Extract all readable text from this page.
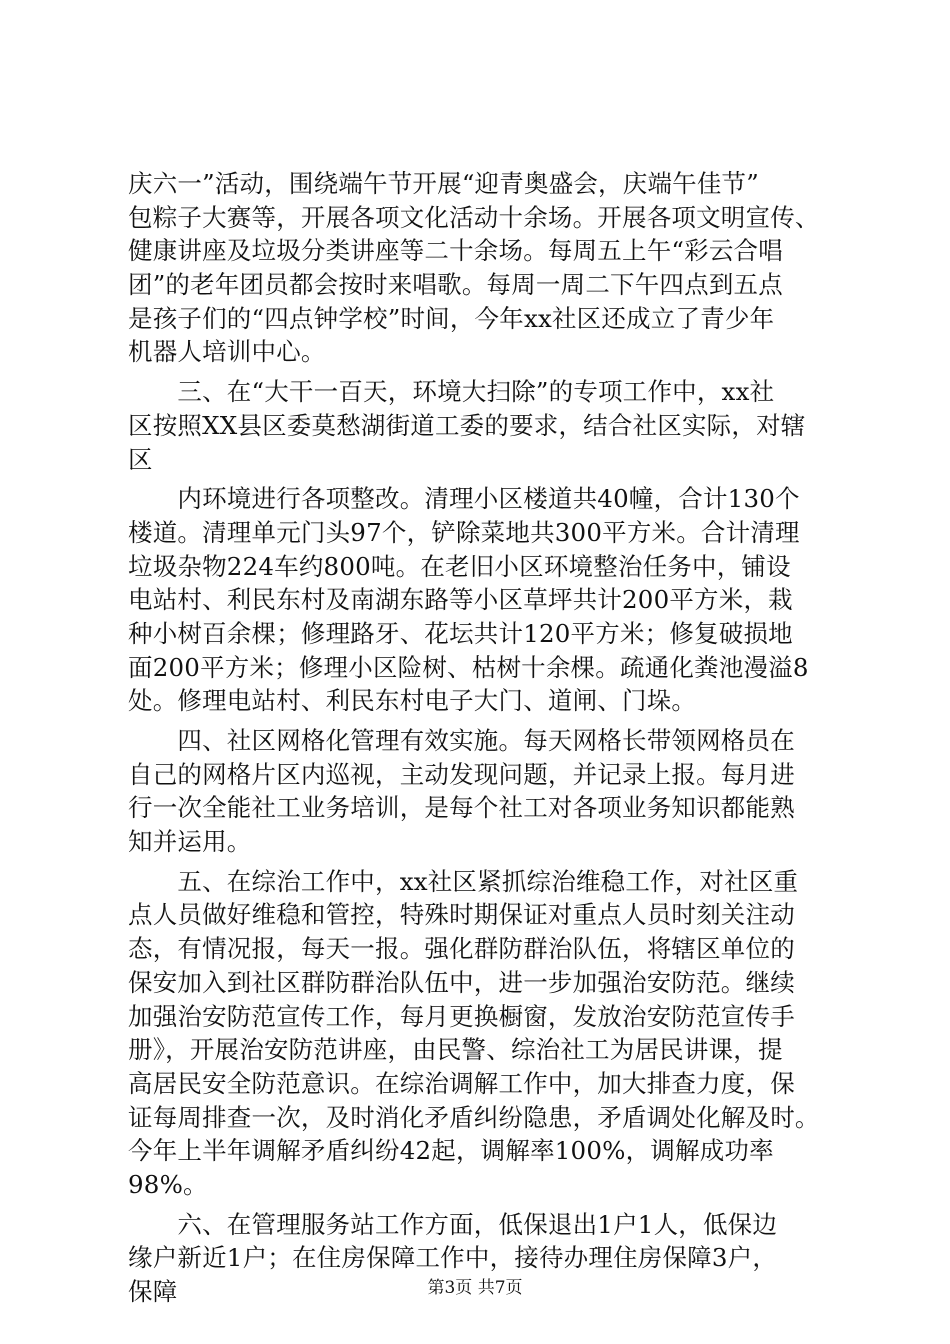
庆六一”活动，围绕端午节开展“迎青奥盛会，庆端午佳节”
包粽子大赛等，开展各项文化活动十余场。开展各项文明宣传、
健康讲座及垃圾分类讲座等二十余场。每周五上午“彩云合唱
团”的老年团员都会按时来唱歌。每周一周二下午四点到五点
是孩子们的“四点钟学校”时间，今年xx社区还成立了青少年
机器人培训中心。
　　三、在“大干一百天，环境大扫除”的专项工作中，xx社
区按照XX县区委莫愁湖街道工委的要求，结合社区实际，对辖
区
　　内环境进行各项整改。清理小区楼道共40幢，合计130个
楼道。清理单元门头97个，铲除菜地共300平方米。合计清理
垃圾杂物224车约800吨。在老旧小区环境整治任务中，铺设
电站村、利民东村及南湖东路等小区草坪共计200平方米，栽
种小树百余棵；修理路牙、花坛共计120平方米；修复破损地
面200平方米；修理小区险树、枯树十余棵。疏通化粪池漫溢8
处。修理电站村、利民东村电子大门、道闸、门垛。
　　四、社区网格化管理有效实施。每天网格长带领网格员在
自己的网格片区内巡视，主动发现问题，并记录上报。每月进
行一次全能社工业务培训，是每个社工对各项业务知识都能熟
知并运用。
　　五、在综治工作中，xx社区紧抓综治维稳工作，对社区重
点人员做好维稳和管控，特殊时期保证对重点人员时刻关注动
态，有情况报，每天一报。强化群防群治队伍，将辖区单位的
保安加入到社区群防群治队伍中，进一步加强治安防范。继续
加强治安防范宣传工作，每月更换橱窗，发放治安防范宣传手
册》，开展治安防范讲座，由民警、综治社工为居民讲课，提
高居民安全防范意识。在综治调解工作中，加大排查力度，保
证每周排查一次，及时消化矛盾纠纷隐患，矛盾调处化解及时。
今年上半年调解矛盾纠纷42起，调解率100%，调解成功率
98%。
　　六、在管理服务站工作方面，低保退出1户1人，低保边
缘户新近1户；在住房保障工作中，接待办理住房保障3户，
保障	第3页 共7页
